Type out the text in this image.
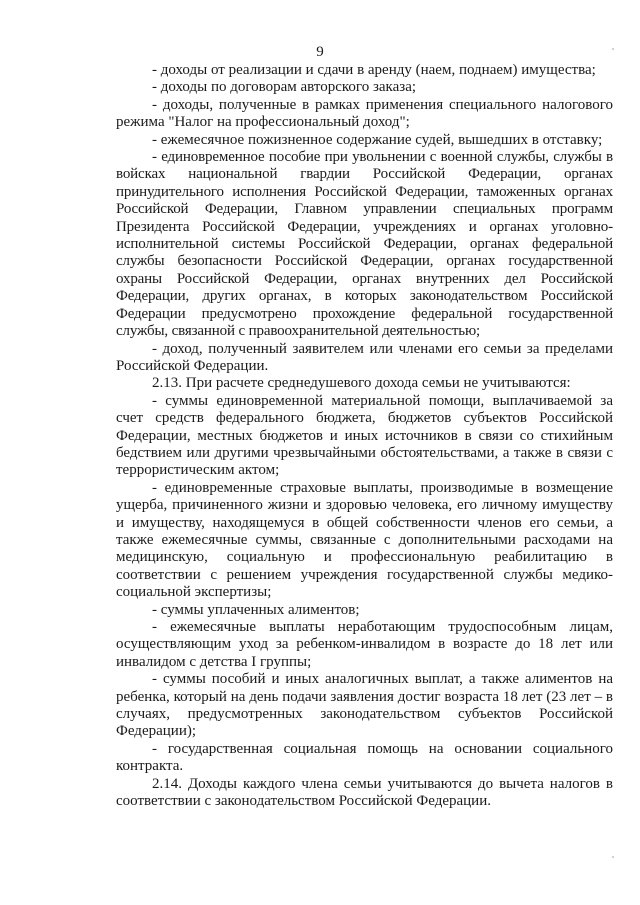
9

- доходы от реализации и сдачи в аренду (наем, поднаем) имущества;

- доходы по договорам авторского заказа;

- доходы, полученные в рамках применения специального налогового режима "Налог на профессиональный доход";

- ежемесячное пожизненное содержание судей, вышедших в отставку;

- единовременное пособие при увольнении с военной службы, службы в войсках национальной гвардии Российской Федерации, органах принудительного исполнения Российской Федерации, таможенных органах Российской Федерации, Главном управлении специальных программ Президента Российской Федерации, учреждениях и органах уголовно-исполнительной системы Российской Федерации, органах федеральной службы безопасности Российской Федерации, органах государственной охраны Российской Федерации, органах внутренних дел Российской Федерации, других органах, в которых законодательством Российской Федерации предусмотрено прохождение федеральной государственной службы, связанной с правоохранительной деятельностью;

- доход, полученный заявителем или членами его семьи за пределами Российской Федерации.

2.13. При расчете среднедушевого дохода семьи не учитываются:

- суммы единовременной материальной помощи, выплачиваемой за счет средств федерального бюджета, бюджетов субъектов Российской Федерации, местных бюджетов и иных источников в связи со стихийным бедствием или другими чрезвычайными обстоятельствами, а также в связи с террористическим актом;

- единовременные страховые выплаты, производимые в возмещение ущерба, причиненного жизни и здоровью человека, его личному имуществу и имуществу, находящемуся в общей собственности членов его семьи, а также ежемесячные суммы, связанные с дополнительными расходами на медицинскую, социальную и профессиональную реабилитацию в соответствии с решением учреждения государственной службы медико-социальной экспертизы;

- суммы уплаченных алиментов;

- ежемесячные выплаты неработающим трудоспособным лицам, осуществляющим уход за ребенком-инвалидом в возрасте до 18 лет или инвалидом с детства I группы;

- суммы пособий и иных аналогичных выплат, а также алиментов на ребенка, который на день подачи заявления достиг возраста 18 лет (23 лет – в случаях, предусмотренных законодательством субъектов Российской Федерации);

- государственная социальная помощь на основании социального контракта.

2.14. Доходы каждого члена семьи учитываются до вычета налогов в соответствии с законодательством Российской Федерации.
